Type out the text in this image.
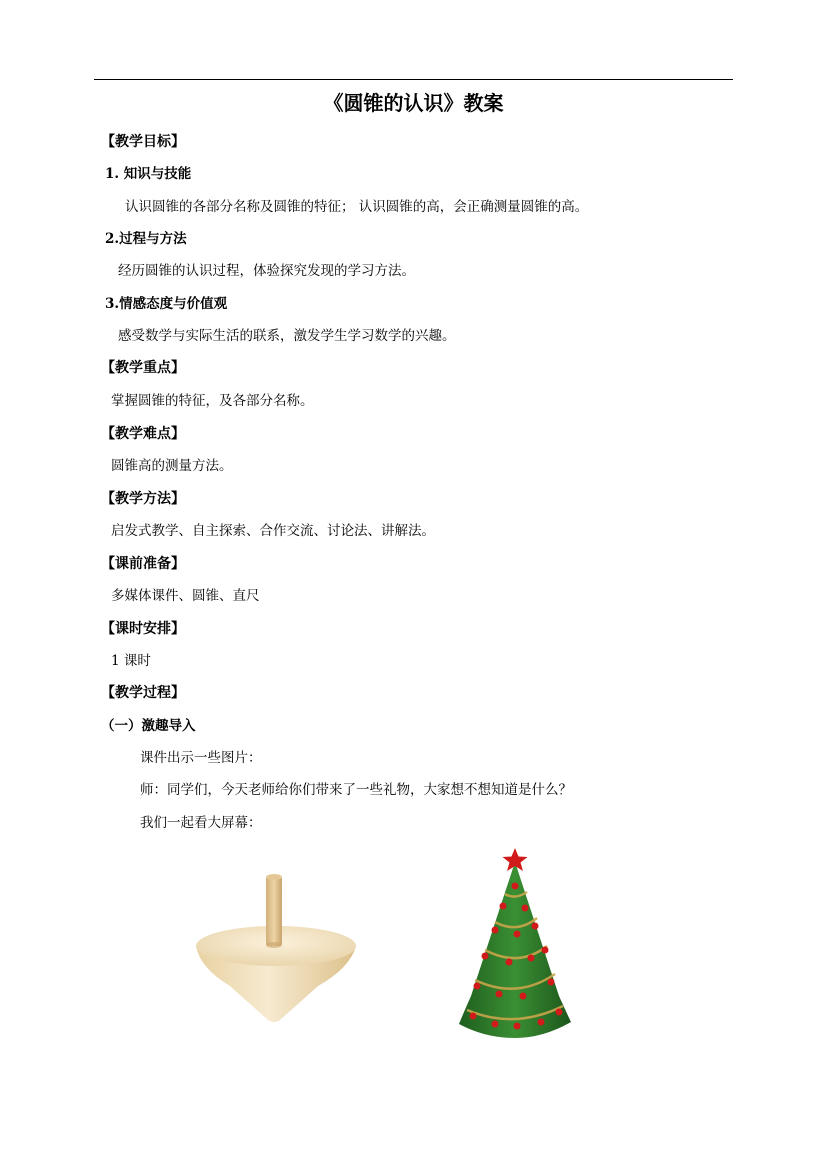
《圆锥的认识》教案
【教学目标】
1. 知识与技能
认识圆锥的各部分名称及圆锥的特征； 认识圆锥的高，会正确测量圆锥的高。
2.过程与方法
经历圆锥的认识过程，体验探究发现的学习方法。
3.情感态度与价值观
感受数学与实际生活的联系，激发学生学习数学的兴趣。
【教学重点】
掌握圆锥的特征，及各部分名称。
【教学难点】
圆锥高的测量方法。
【教学方法】
启发式教学、自主探索、合作交流、讨论法、讲解法。
【课前准备】
多媒体课件、圆锥、直尺
【课时安排】
1 课时
【教学过程】
（一）激趣导入
课件出示一些图片：
师：同学们，今天老师给你们带来了一些礼物，大家想不想知道是什么？
我们一起看大屏幕：
